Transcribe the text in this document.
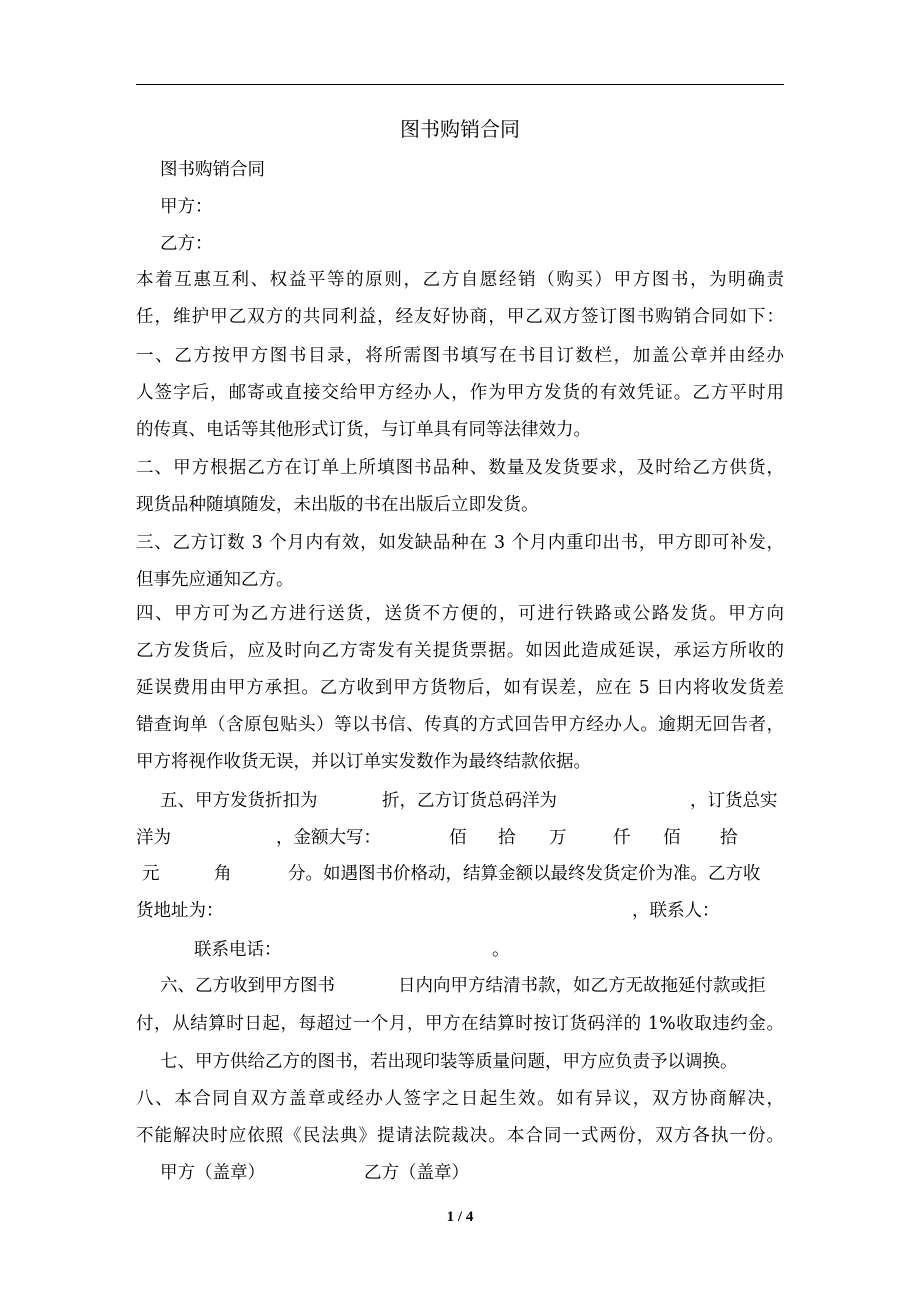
图书购销合同
图书购销合同
甲方：
乙方：
本着互惠互利、权益平等的原则，乙方自愿经销（购买）甲方图书，为明确责
任，维护甲乙双方的共同利益，经友好协商，甲乙双方签订图书购销合同如下：
一、乙方按甲方图书目录，将所需图书填写在书目订数栏，加盖公章并由经办
人签字后，邮寄或直接交给甲方经办人，作为甲方发货的有效凭证。乙方平时用
的传真、电话等其他形式订货，与订单具有同等法律效力。
二、甲方根据乙方在订单上所填图书品种、数量及发货要求，及时给乙方供货，
现货品种随填随发，未出版的书在出版后立即发货。
三、乙方订数 3 个月内有效，如发缺品种在 3 个月内重印出书，甲方即可补发，
但事先应通知乙方。
四、甲方可为乙方进行送货，送货不方便的，可进行铁路或公路发货。甲方向
乙方发货后，应及时向乙方寄发有关提货票据。如因此造成延误，承运方所收的
延误费用由甲方承担。乙方收到甲方货物后，如有误差，应在 5 日内将收发货差
错查询单（含原包贴头）等以书信、传真的方式回告甲方经办人。逾期无回告者，
甲方将视作收货无误，并以订单实发数作为最终结款依据。
五、甲方发货折扣为	折，乙方订货总码洋为	，订货总实
洋为	，金额大写：	佰 拾 万	仟 佰 拾
元	角	分。如遇图书价格动，结算金额以最终发货定价为准。乙方收
货地址为：	，联系人：
联系电话：	。
六、乙方收到甲方图书	日内向甲方结清书款，如乙方无故拖延付款或拒
付，从结算时日起，每超过一个月，甲方在结算时按订货码洋的 1%收取违约金。
七、甲方供给乙方的图书，若出现印装等质量问题，甲方应负责予以调换。
八、本合同自双方盖章或经办人签字之日起生效。如有异议，双方协商解决，
不能解决时应依照《民法典》提请法院裁决。本合同一式两份，双方各执一份。
甲方（盖章）	乙方（盖章）
1 / 4
